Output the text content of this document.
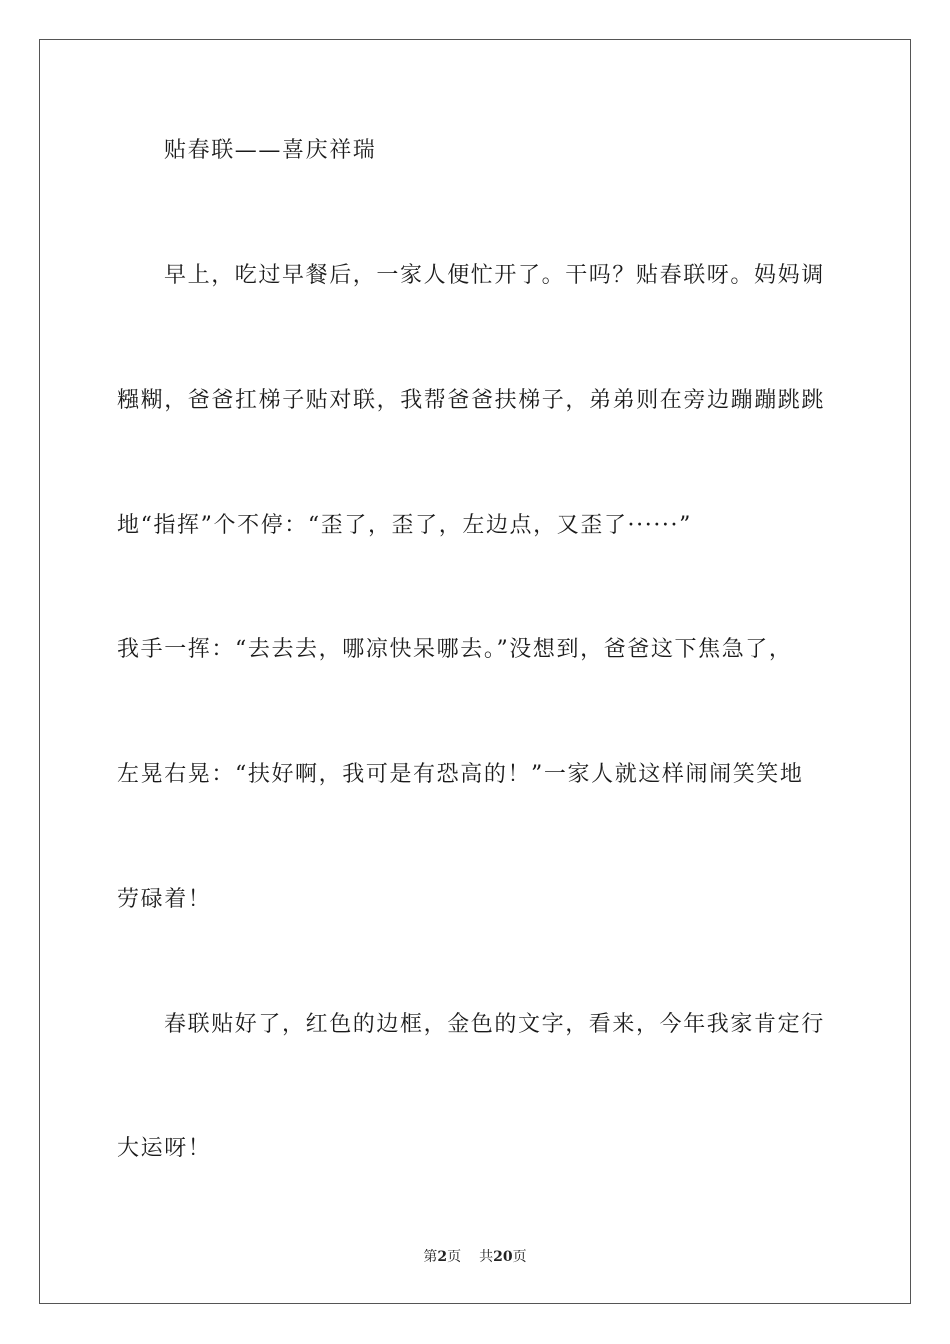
贴春联——喜庆祥瑞
早上，吃过早餐后，一家人便忙开了。干吗？贴春联呀。妈妈调
糨糊，爸爸扛梯子贴对联，我帮爸爸扶梯子，弟弟则在旁边蹦蹦跳跳
地“指挥”个不停：“歪了，歪了，左边点，又歪了······”
我手一挥：“去去去，哪凉快呆哪去。”没想到，爸爸这下焦急了，
左晃右晃：“扶好啊，我可是有恐高的！”一家人就这样闹闹笑笑地
劳碌着！
春联贴好了，红色的边框，金色的文字，看来，今年我家肯定行
大运呀！
第2页 共20页
